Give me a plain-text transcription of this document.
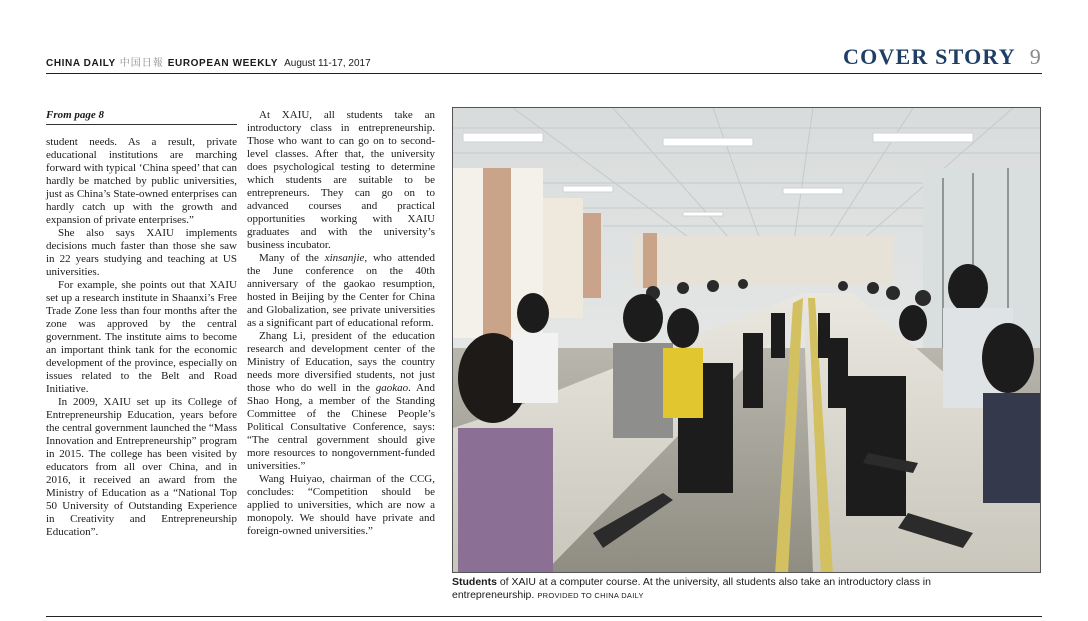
CHINA DAILY 中国日報 EUROPEAN WEEKLY August 11-17, 2017	COVER STORY 9
From page 8

student needs. As a result, private educational institutions are marching forward with typical ‘China speed’ that can hardly be matched by public universities, just as China’s State-owned enterprises can hardly catch up with the growth and expansion of private enterprises.”

She also says XAIU implements decisions much faster than those she saw in 22 years studying and teaching at US universities.

For example, she points out that XAIU set up a research institute in Shaanxi’s Free Trade Zone less than four months after the zone was approved by the central government. The institute aims to become an important think tank for the economic development of the province, especially on issues related to the Belt and Road Initiative.

In 2009, XAIU set up its College of Entrepreneurship Education, years before the central government launched the “Mass Innovation and Entrepreneurship” program in 2015. The college has been visited by educators from all over China, and in 2016, it received an award from the Ministry of Education as a “National Top 50 University of Outstanding Experience in Creativity and Entrepreneurship Education”.

At XAIU, all students take an introductory class in entrepreneurship. Those who want to can go on to second-level classes. After that, the university does psychological testing to determine which students are suitable to be entrepreneurs. They can go on to advanced courses and practical opportunities working with XAIU graduates and with the university’s business incubator.

Many of the xinsanjie, who attended the June conference on the 40th anniversary of the gaokao resumption, hosted in Beijing by the Center for China and Globalization, see private universities as a significant part of educational reform.

Zhang Li, president of the education research and development center of the Ministry of Education, says the country needs more diversified students, not just those who do well in the gaokao. And Shao Hong, a member of the Standing Committee of the Chinese People’s Political Consultative Conference, says: “The central government should give more resources to nongovernment-funded universities.”

Wang Huiyao, chairman of the CCG, concludes: “Competition should be applied to universities, which are now a monopoly. We should have private and foreign-owned universities.”

Students of XAIU at a computer course. At the university, all students also take an introductory class in entrepreneurship. PROVIDED TO CHINA DAILY
